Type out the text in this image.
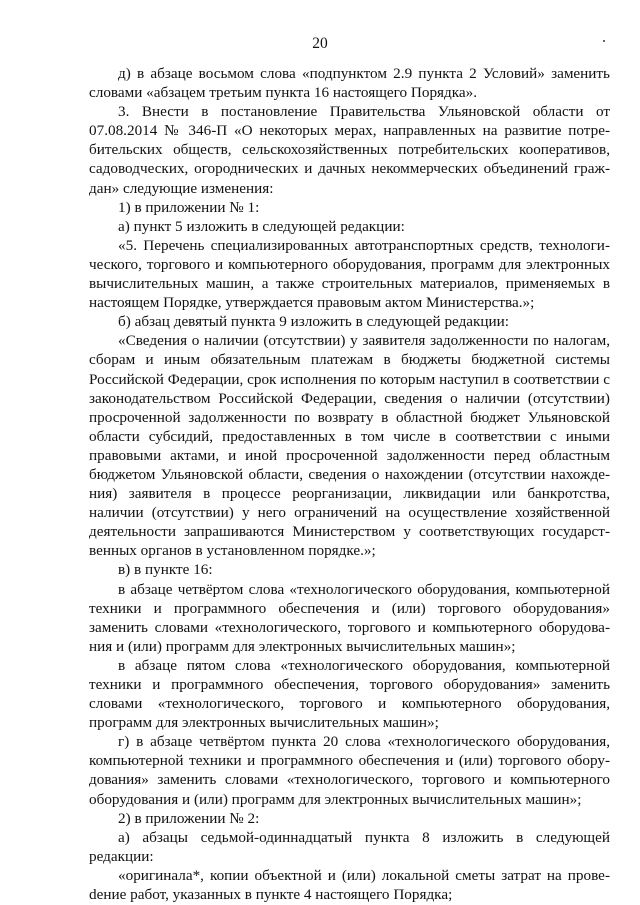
20

д) в абзаце восьмом слова «подпунктом 2.9 пункта 2 Условий» заменить словами «абзацем третьим пункта 16 настоящего Порядка».

3. Внести в постановление Правительства Ульяновской области от 07.08.2014 № 346-П «О некоторых мерах, направленных на развитие потребительских обществ, сельскохозяйственных потребительских кооперативов, садоводческих, огороднических и дачных некоммерческих объединений граждан» следующие изменения:

1) в приложении № 1:

а) пункт 5 изложить в следующей редакции:

«5. Перечень специализированных автотранспортных средств, технологического, торгового и компьютерного оборудования, программ для электронных вычислительных машин, а также строительных материалов, применяемых в настоящем Порядке, утверждается правовым актом Министерства.»;

б) абзац девятый пункта 9 изложить в следующей редакции:

«Сведения о наличии (отсутствии) у заявителя задолженности по налогам, сборам и иным обязательным платежам в бюджеты бюджетной системы Российской Федерации, срок исполнения по которым наступил в соответствии с законодательством Российской Федерации, сведения о наличии (отсутствии) просроченной задолженности по возврату в областной бюджет Ульяновской области субсидий, предоставленных в том числе в соответствии с иными правовыми актами, и иной просроченной задолженности перед областным бюджетом Ульяновской области, сведения о нахождении (отсутствии нахождения) заявителя в процессе реорганизации, ликвидации или банкротства, наличии (отсутствии) у него ограничений на осуществление хозяйственной деятельности запрашиваются Министерством у соответствующих государственных органов в установленном порядке.»;

в) в пункте 16:

в абзаце четвёртом слова «технологического оборудования, компьютерной техники и программного обеспечения и (или) торгового оборудования» заменить словами «технологического, торгового и компьютерного оборудования и (или) программ для электронных вычислительных машин»;

в абзаце пятом слова «технологического оборудования, компьютерной техники и программного обеспечения, торгового оборудования» заменить словами «технологического, торгового и компьютерного оборудования, программ для электронных вычислительных машин»;

г) в абзаце четвёртом пункта 20 слова «технологического оборудования, компьютерной техники и программного обеспечения и (или) торгового оборудования» заменить словами «технологического, торгового и компьютерного оборудования и (или) программ для электронных вычислительных машин»;

2) в приложении № 2:

а) абзацы седьмой-одиннадцатый пункта 8 изложить в следующей редакции:

«оригинала*, копии объектной и (или) локальной сметы затрат на провеdение работ, указанных в пункте 4 настоящего Порядка;
